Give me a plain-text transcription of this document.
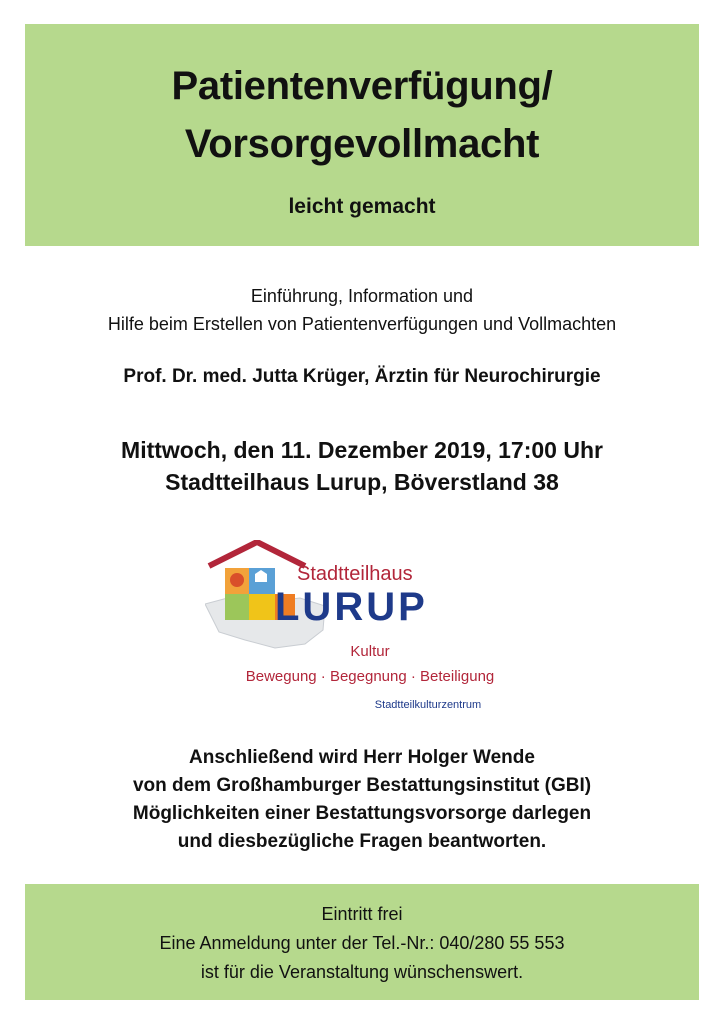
Patientenverfügung/
Vorsorgevollmacht
leicht gemacht
Einführung, Information und
Hilfe beim Erstellen von Patientenverfügungen und Vollmachten
Prof. Dr. med. Jutta Krüger, Ärztin für Neurochirurgie
Mittwoch, den 11. Dezember 2019, 17:00 Uhr
Stadtteilhaus Lurup, Böverstland 38
Stadtteilhaus
LURUP
Kultur
Bewegung · Begegnung · Beteiligung
Stadtteilkulturzentrum
Anschließend wird Herr Holger Wende
von dem Großhamburger Bestattungsinstitut (GBI)
Möglichkeiten einer Bestattungsvorsorge darlegen
und diesbezügliche Fragen beantworten.
Eintritt frei
Eine Anmeldung unter der Tel.-Nr.: 040/280 55 553
ist für die Veranstaltung wünschenswert.
